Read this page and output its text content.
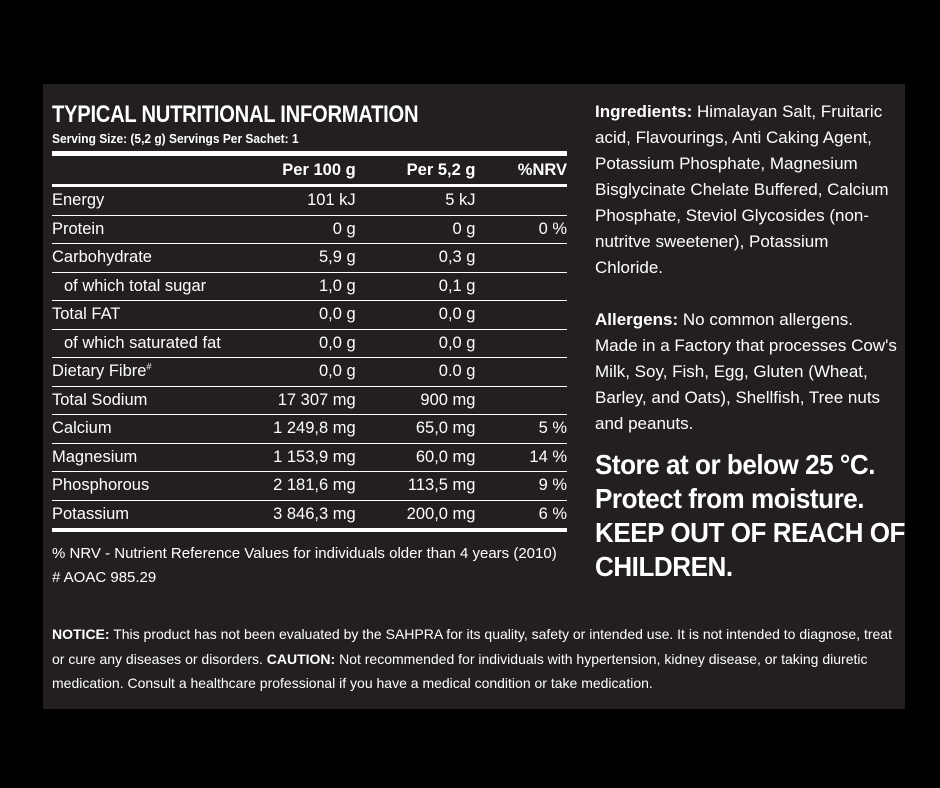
TYPICAL NUTRITIONAL INFORMATION
Serving Size: (5,2 g) Servings Per Sachet: 1
	Per 100 g	Per 5,2 g	%NRV
Energy	101 kJ	5 kJ	
Protein	0 g	0 g	0 %
Carbohydrate	5,9 g	0,3 g	
of which total sugar	1,0 g	0,1 g	
Total FAT	0,0 g	0,0 g	
of which saturated fat	0,0 g	0,0 g	
Dietary Fibre#	0,0 g	0.0 g	
Total Sodium	17 307 mg	900 mg	
Calcium	1 249,8 mg	65,0 mg	5 %
Magnesium	1 153,9 mg	60,0 mg	14 %
Phosphorous	2 181,6 mg	113,5 mg	9 %
Potassium	3 846,3 mg	200,0 mg	6 %
% NRV - Nutrient Reference Values for individuals older than 4 years (2010)
# AOAC 985.29

Ingredients: Himalayan Salt, Fruitaric acid, Flavourings, Anti Caking Agent, Potassium Phosphate, Magnesium Bisglycinate Chelate Buffered, Calcium Phosphate, Steviol Glycosides (non-nutritve sweetener), Potassium Chloride.

Allergens: No common allergens. Made in a Factory that processes Cow's Milk, Soy, Fish, Egg, Gluten (Wheat, Barley, and Oats), Shellfish, Tree nuts and peanuts.

Store at or below 25 °C.
Protect from moisture.
KEEP OUT OF REACH OF
CHILDREN.
NOTICE: This product has not been evaluated by the SAHPRA for its quality, safety or intended use. It is not intended to diagnose, treat or cure any diseases or disorders. CAUTION: Not recommended for individuals with hypertension, kidney disease, or taking diuretic medication. Consult a healthcare professional if you have a medical condition or take medication.
